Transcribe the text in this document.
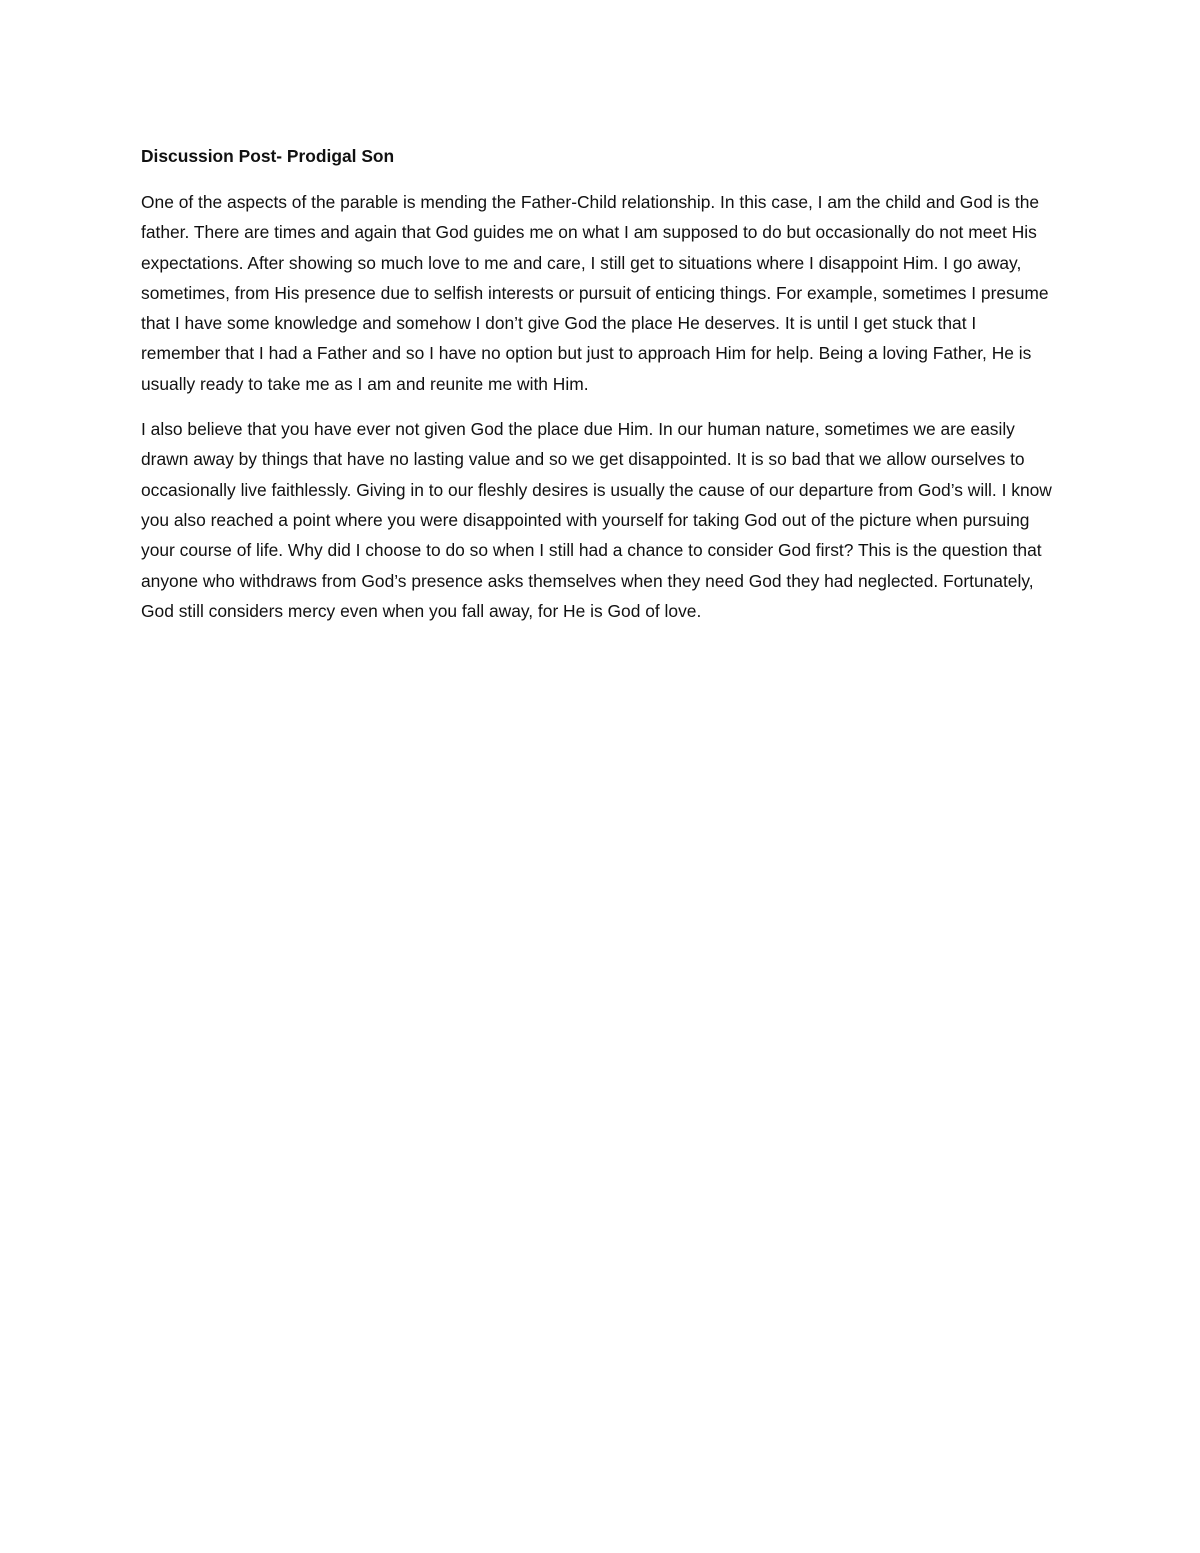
Discussion Post- Prodigal Son

One of the aspects of the parable is mending the Father-Child relationship. In this case, I am the child and God is the father. There are times and again that God guides me on what I am supposed to do but occasionally do not meet His expectations. After showing so much love to me and care, I still get to situations where I disappoint Him. I go away, sometimes, from His presence due to selfish interests or pursuit of enticing things. For example, sometimes I presume that I have some knowledge and somehow I don’t give God the place He deserves. It is until I get stuck that I remember that I had a Father and so I have no option but just to approach Him for help. Being a loving Father, He is usually ready to take me as I am and reunite me with Him.

I also believe that you have ever not given God the place due Him. In our human nature, sometimes we are easily drawn away by things that have no lasting value and so we get disappointed. It is so bad that we allow ourselves to occasionally live faithlessly. Giving in to our fleshly desires is usually the cause of our departure from God’s will. I know you also reached a point where you were disappointed with yourself for taking God out of the picture when pursuing your course of life. Why did I choose to do so when I still had a chance to consider God first? This is the question that anyone who withdraws from God’s presence asks themselves when they need God they had neglected. Fortunately, God still considers mercy even when you fall away, for He is God of love.
